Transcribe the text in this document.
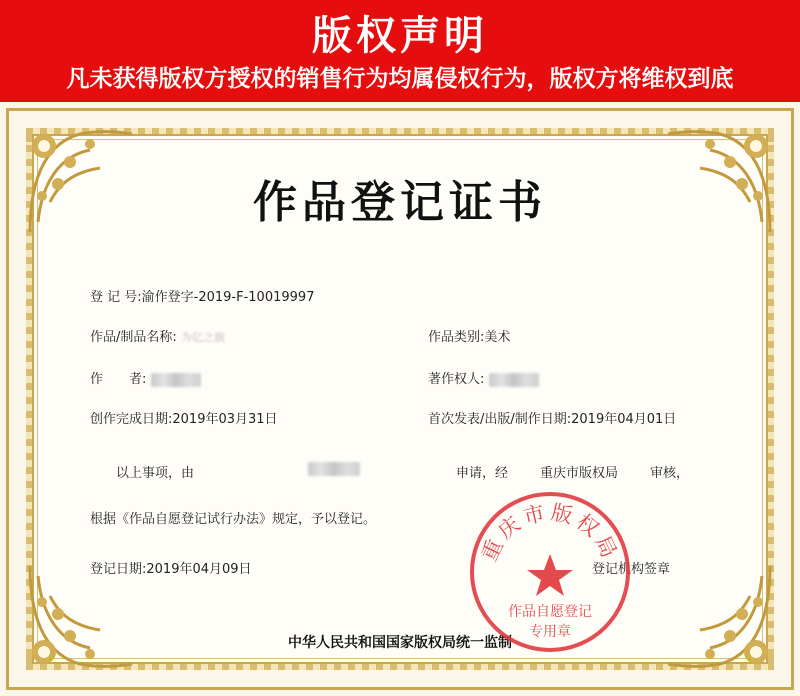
版权声明
凡未获得版权方授权的销售行为均属侵权行为，版权方将维权到底
作品登记证书
登 记 号:渝作登字-2019-F-10019997
作品/制品名称: 为亿之旗	作品类别:美术
作　　者:	著作权人:
创作完成日期:2019年03月31日	首次发表/出版/制作日期:2019年04月01日
以上事项，由	申请，经 重庆市版权局 审核，
根据《作品自愿登记试行办法》规定，予以登记。
登记日期:2019年04月09日	登记机构签章
中华人民共和国国家版权局统一监制
重庆市版权局
作品自愿登记
专用章
